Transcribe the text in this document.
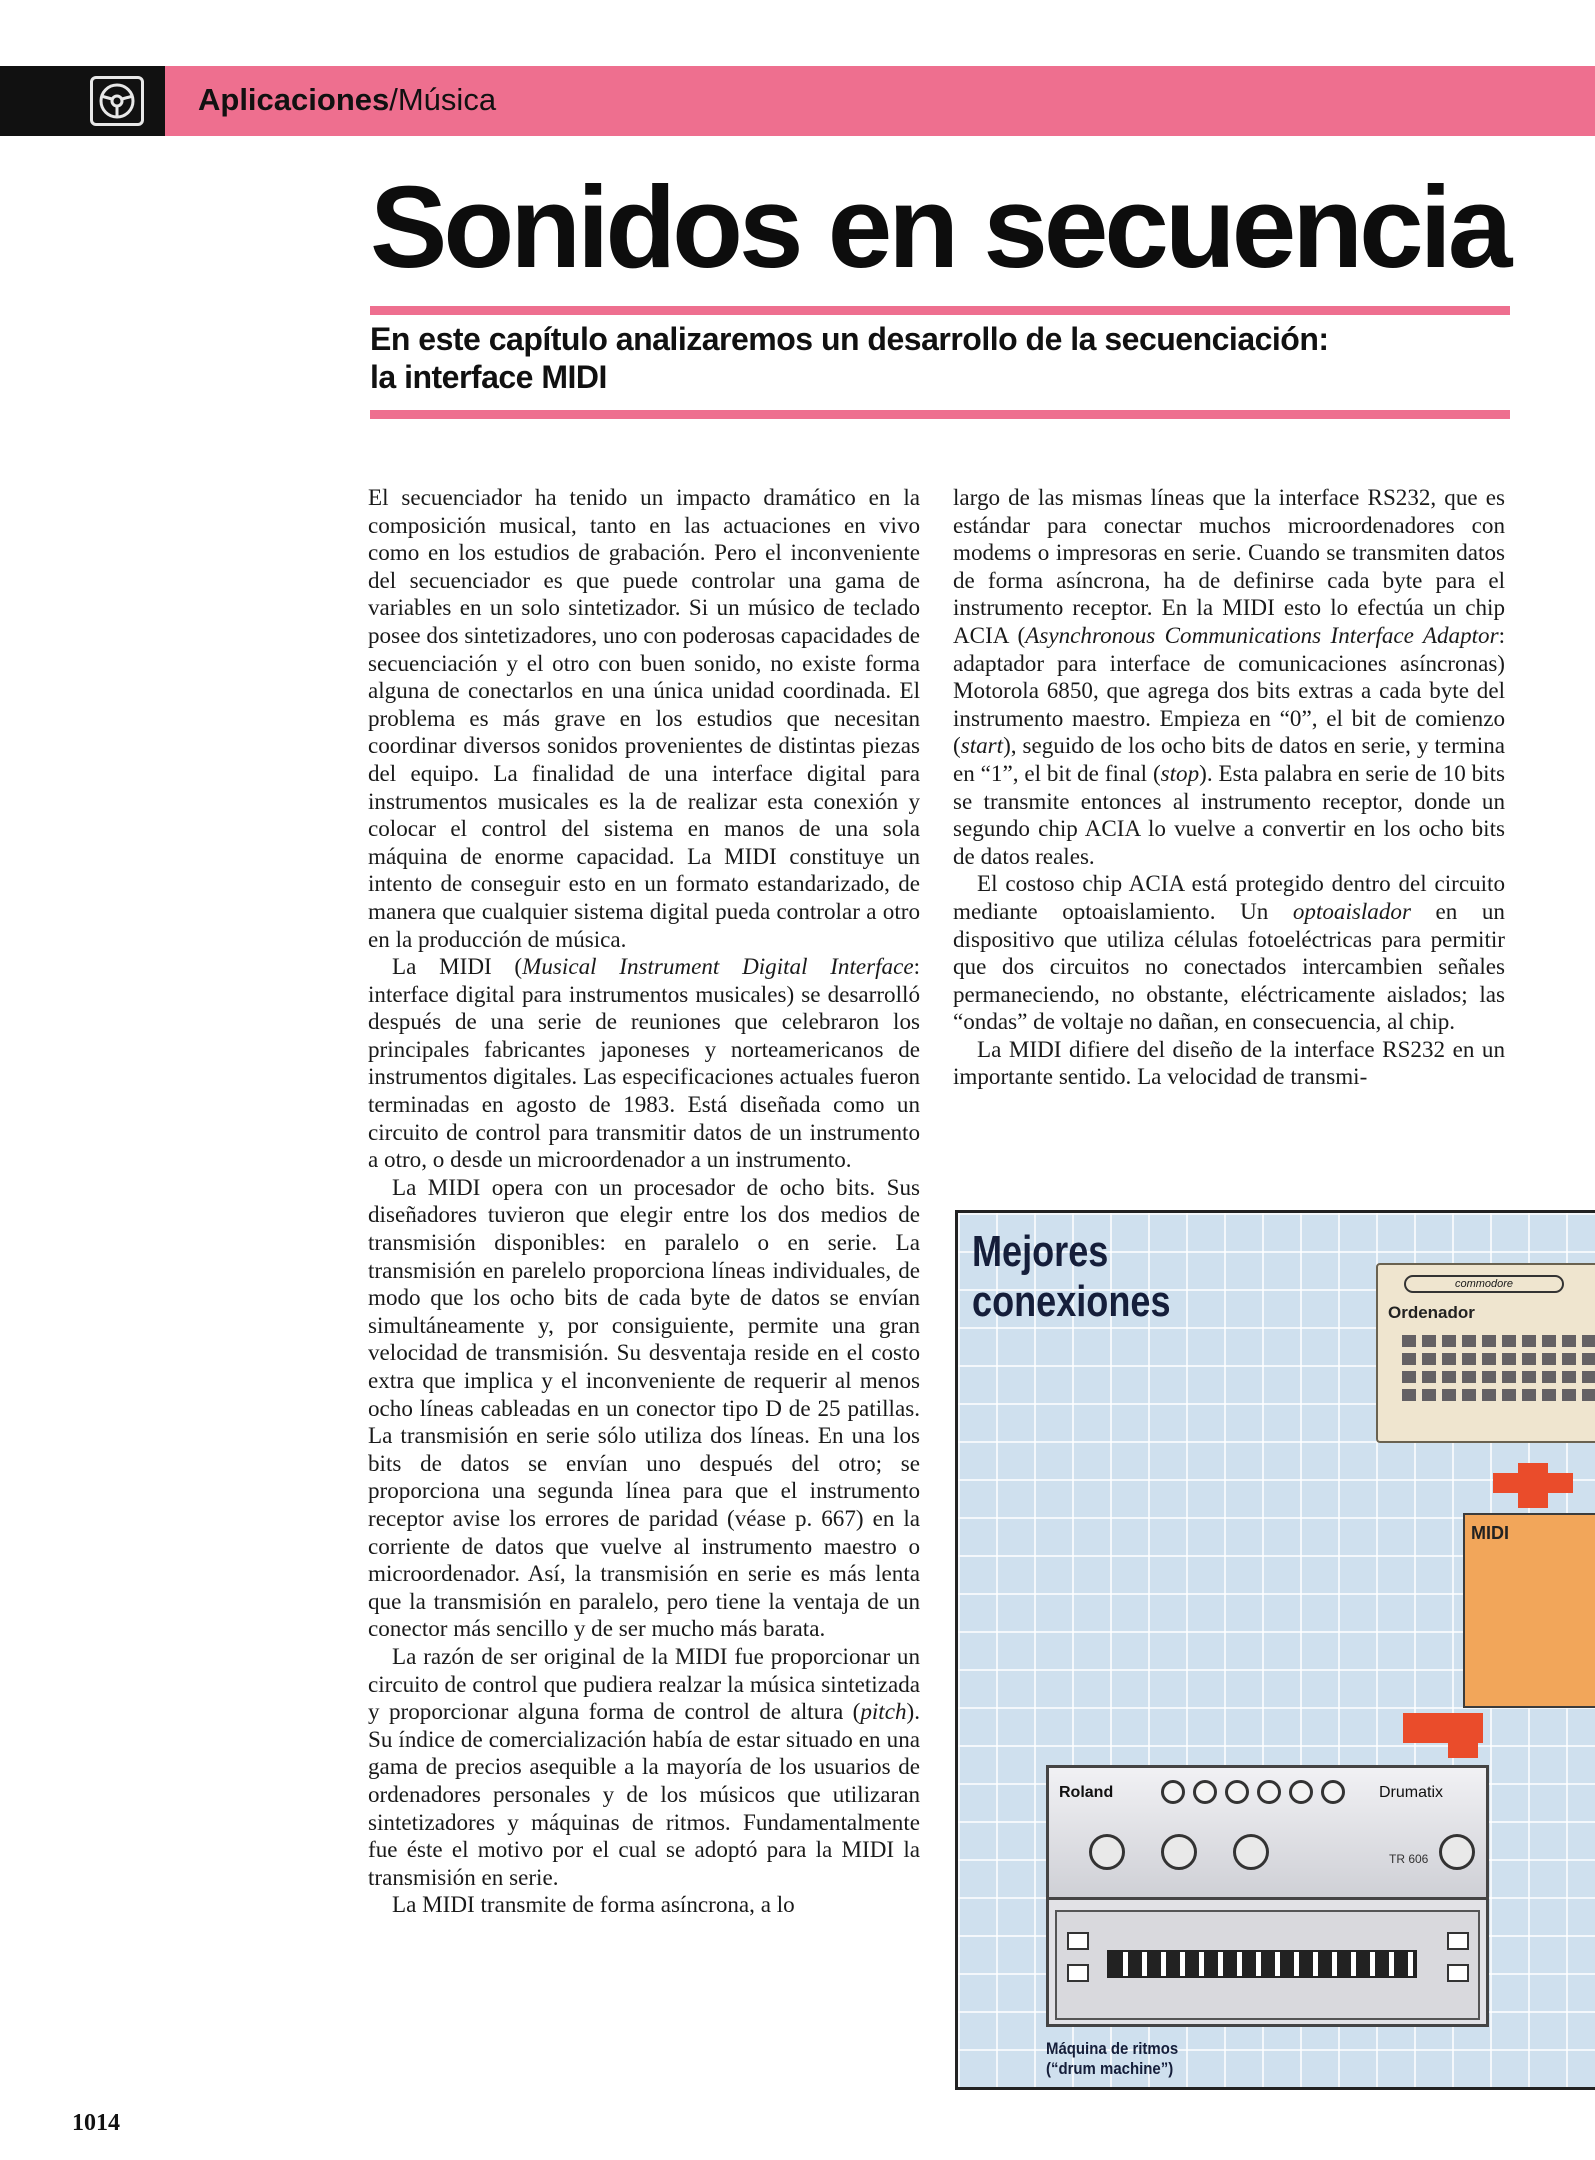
Aplicaciones/Música
Sonidos en secuencia
En este capítulo analizaremos un desarrollo de la secuenciación:
la interface MIDI

El secuenciador ha tenido un impacto dramático en la composición musical, tanto en las actuaciones en vivo como en los estudios de grabación. Pero el inconveniente del secuenciador es que puede controlar una gama de variables en un solo sintetizador. Si un músico de teclado posee dos sintetizadores, uno con poderosas capacidades de secuenciación y el otro con buen sonido, no existe forma alguna de conectarlos en una única unidad coordinada. El problema es más grave en los estudios que necesitan coordinar diversos sonidos provenientes de distintas piezas del equipo. La finalidad de una interface digital para instrumentos musicales es la de realizar esta conexión y colocar el control del sistema en manos de una sola máquina de enorme capacidad. La MIDI constituye un intento de conseguir esto en un formato estandarizado, de manera que cualquier sistema digital pueda controlar a otro en la producción de música.

La MIDI (Musical Instrument Digital Interface: interface digital para instrumentos musicales) se desarrolló después de una serie de reuniones que celebraron los principales fabricantes japoneses y norteamericanos de instrumentos digitales. Las especificaciones actuales fueron terminadas en agosto de 1983. Está diseñada como un circuito de control para transmitir datos de un instrumento a otro, o desde un microordenador a un instrumento.

La MIDI opera con un procesador de ocho bits. Sus diseñadores tuvieron que elegir entre los dos medios de transmisión disponibles: en paralelo o en serie. La transmisión en parelelo proporciona líneas individuales, de modo que los ocho bits de cada byte de datos se envían simultáneamente y, por consiguiente, permite una gran velocidad de transmisión. Su desventaja reside en el costo extra que implica y el inconveniente de requerir al menos ocho líneas cableadas en un conector tipo D de 25 patillas. La transmisión en serie sólo utiliza dos líneas. En una los bits de datos se envían uno después del otro; se proporciona una segunda línea para que el instrumento receptor avise los errores de paridad (véase p. 667) en la corriente de datos que vuelve al instrumento maestro o microordenador. Así, la transmisión en serie es más lenta que la transmisión en paralelo, pero tiene la ventaja de un conector más sencillo y de ser mucho más barata.

La razón de ser original de la MIDI fue proporcionar un circuito de control que pudiera realzar la música sintetizada y proporcionar alguna forma de control de altura (pitch). Su índice de comercialización había de estar situado en una gama de precios asequible a la mayoría de los usuarios de ordenadores personales y de los músicos que utilizaran sintetizadores y máquinas de ritmos. Fundamentalmente fue éste el motivo por el cual se adoptó para la MIDI la transmisión en serie.

La MIDI transmite de forma asíncrona, a lo

largo de las mismas líneas que la interface RS232, que es estándar para conectar muchos microordenadores con modems o impresoras en serie. Cuando se transmiten datos de forma asíncrona, ha de definirse cada byte para el instrumento receptor. En la MIDI esto lo efectúa un chip ACIA (Asynchronous Communications Interface Adaptor: adaptador para interface de comunicaciones asíncronas) Motorola 6850, que agrega dos bits extras a cada byte del instrumento maestro. Empieza en “0”, el bit de comienzo (start), seguido de los ocho bits de datos en serie, y termina en “1”, el bit de final (stop). Esta palabra en serie de 10 bits se transmite entonces al instrumento receptor, donde un segundo chip ACIA lo vuelve a convertir en los ocho bits de datos reales.

El costoso chip ACIA está protegido dentro del circuito mediante optoaislamiento. Un optoaislador en un dispositivo que utiliza células fotoeléctricas para permitir que dos circuitos no conectados intercambien señales permaneciendo, no obstante, eléctricamente aislados; las “ondas” de voltaje no dañan, en consecuencia, al chip.

La MIDI difiere del diseño de la interface RS232 en un importante sentido. La velocidad de transmi-

Mejores
conexiones	commodore
Ordenador
MIDI
Roland	Drumatix
TR 606
Máquina de ritmos
(“drum machine”)
1014
